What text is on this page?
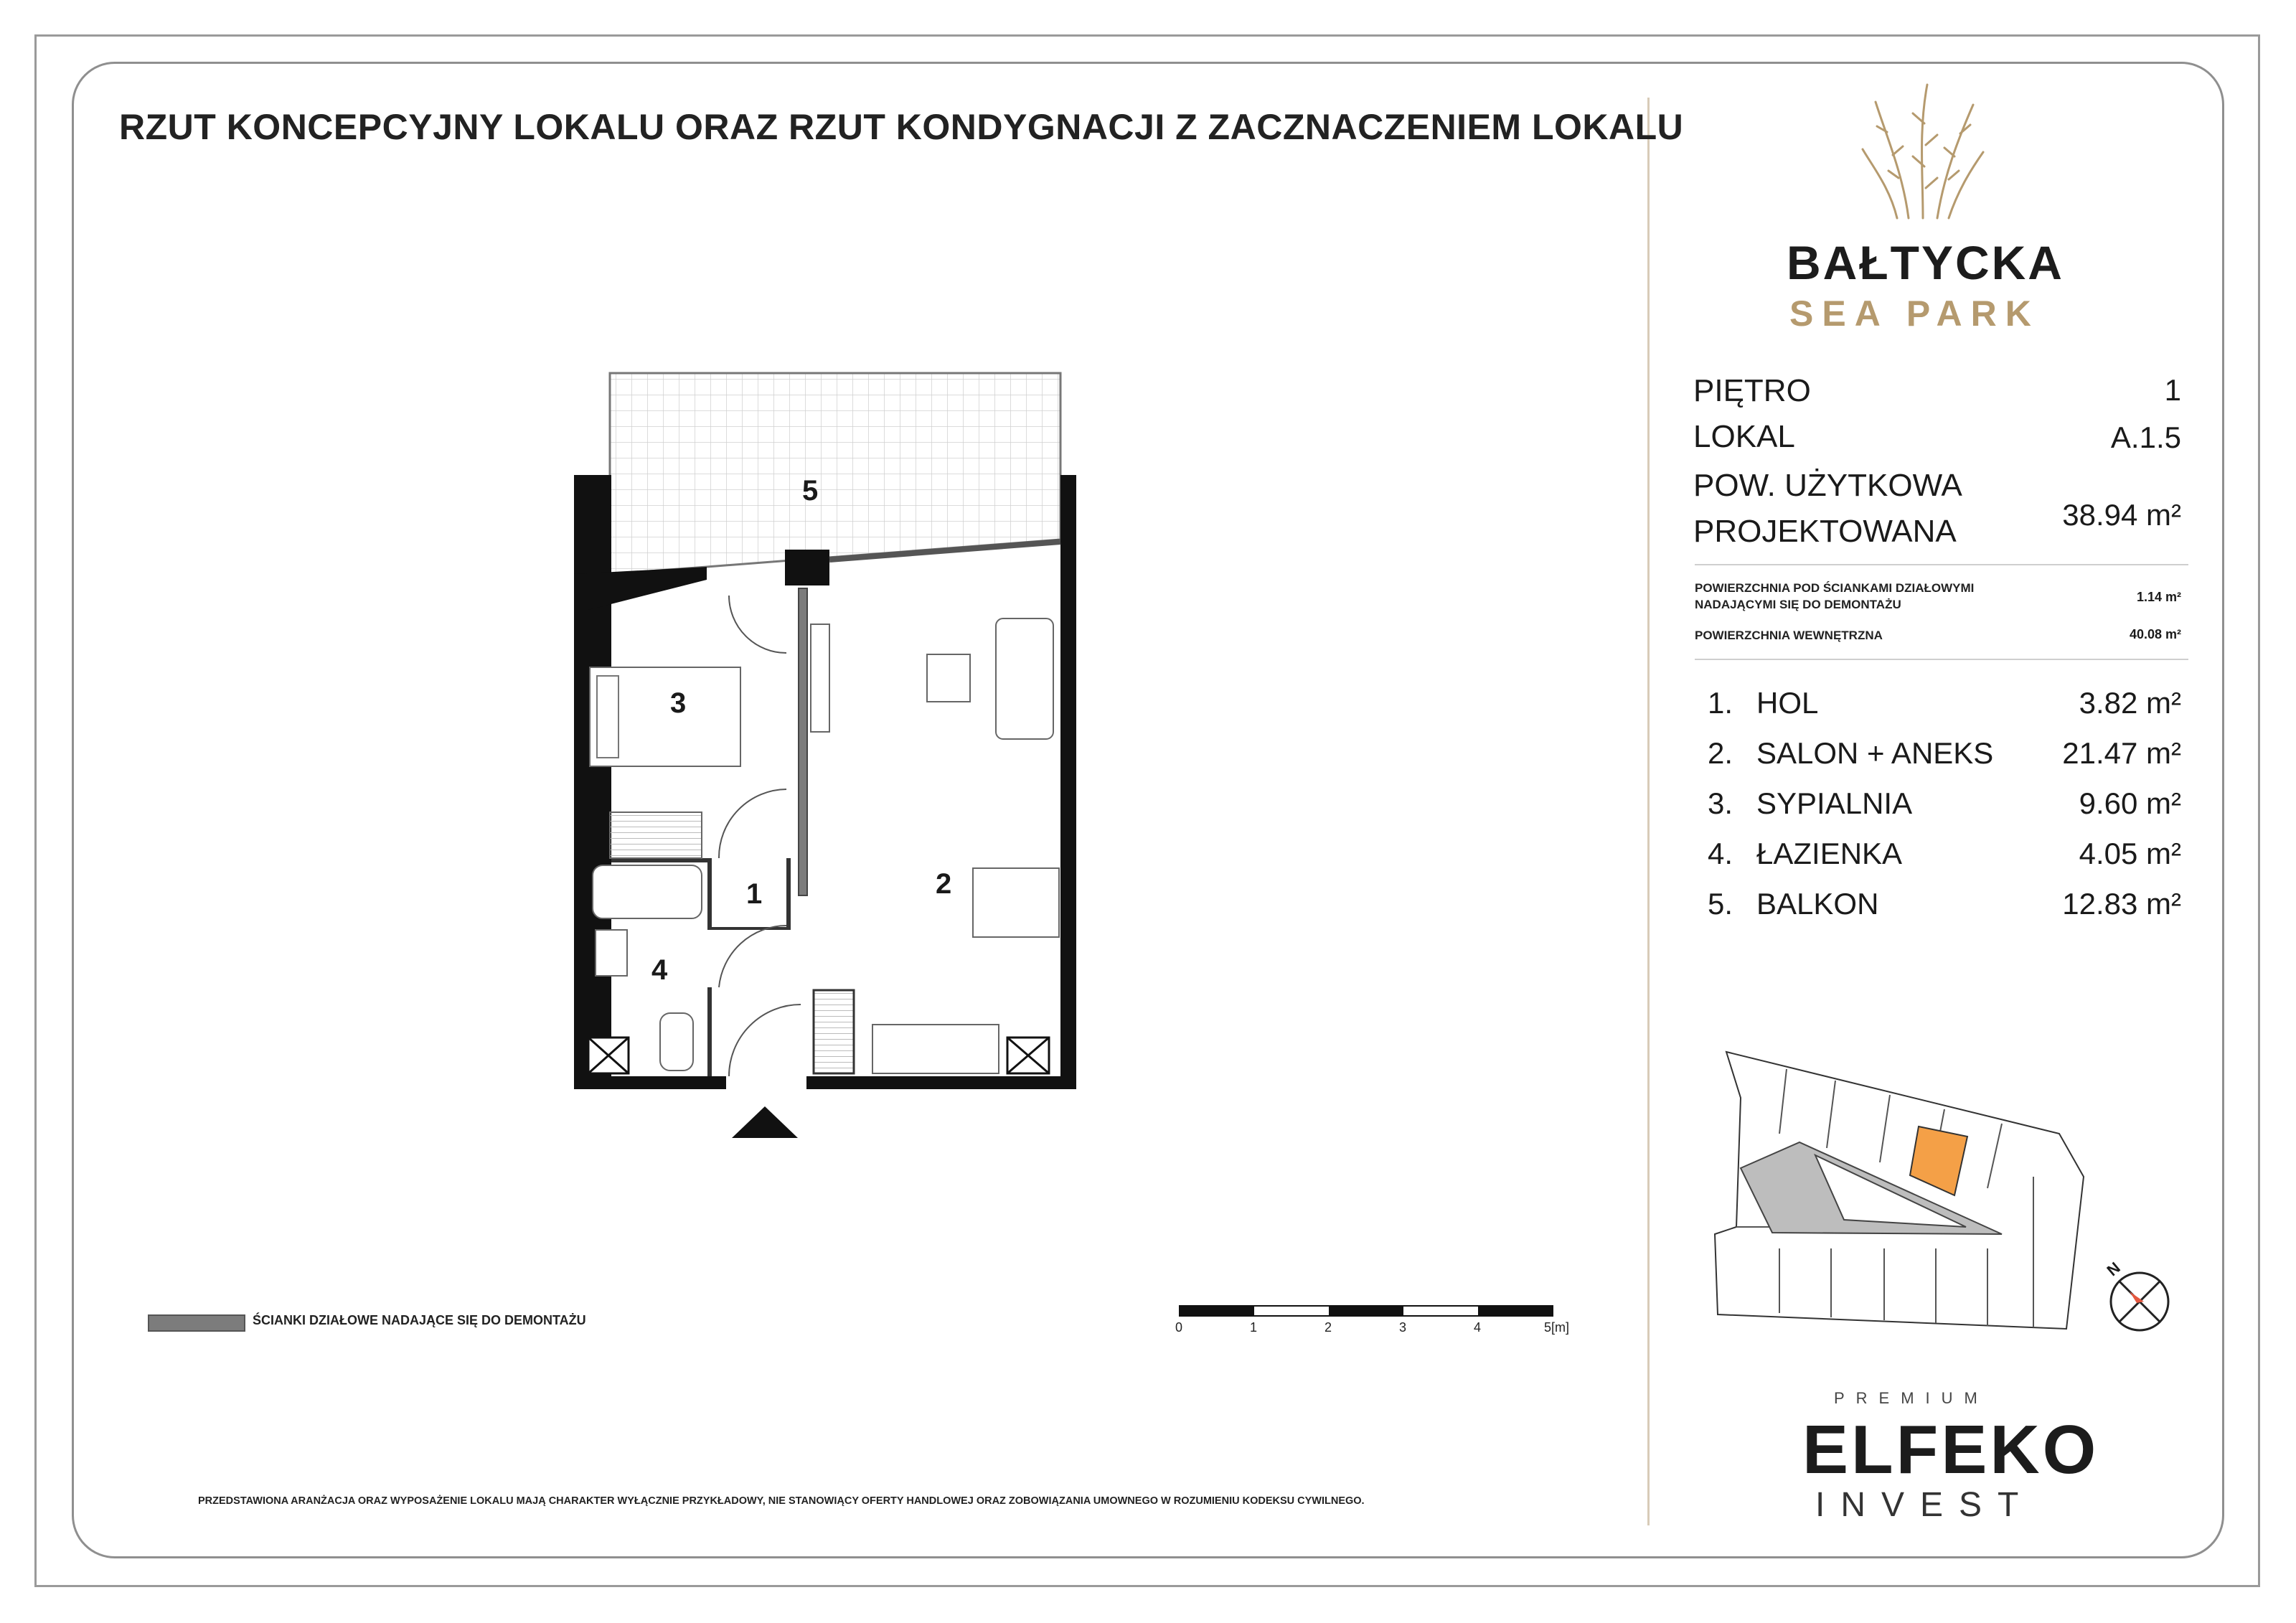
RZUT KONCEPCYJNY LOKALU ORAZ RZUT KONDYGNACJI Z ZACZNACZENIEM LOKALU
5
3
2
1
4
ŚCIANKI DZIAŁOWE NADAJĄCE SIĘ DO DEMONTAŻU	0	1	2	3	4	5[m]
PRZEDSTAWIONA ARANŻACJA ORAZ WYPOSAŻENIE LOKALU MAJĄ CHARAKTER WYŁĄCZNIE PRZYKŁADOWY, NIE STANOWIĄCY OFERTY HANDLOWEJ ORAZ ZOBOWIĄZANIA UMOWNEGO W ROZUMIENIU KODEKSU CYWILNEGO.
BAŁTYCKA
SEA PARK
PIĘTRO	1
LOKAL	A.1.5
POW. UŻYTKOWA
PROJEKTOWANA	38.94 m²
POWIERZCHNIA POD ŚCIANKAMI DZIAŁOWYMI
NADAJĄCYMI SIĘ DO DEMONTAŻU
1.14 m²
POWIERZCHNIA WEWNĘTRZNA	40.08 m²
1. HOL	3.82 m²
2. SALON + ANEKS	21.47 m²
3. SYPIALNIA	9.60 m²
4. ŁAZIENKA	4.05 m²
5. BALKON	12.83 m²
N
PREMIUM
ELFEKO
INVEST
